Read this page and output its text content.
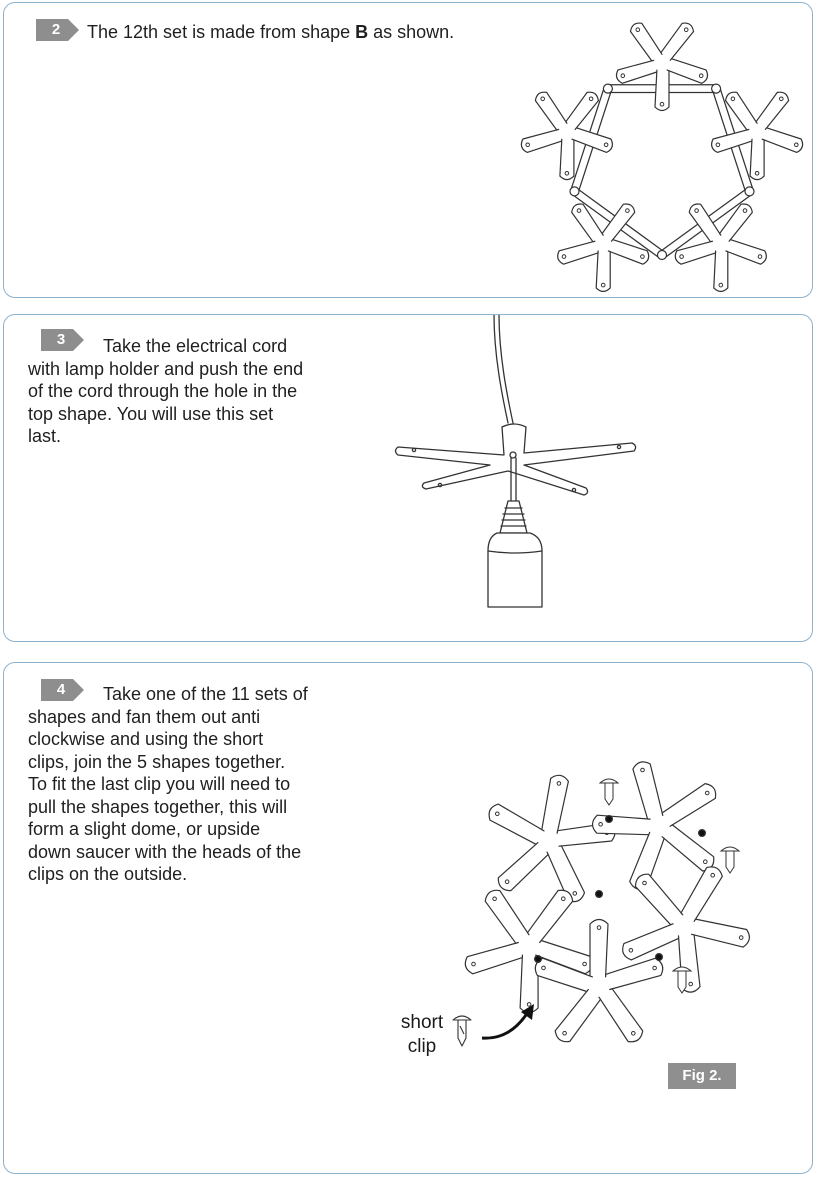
2	The 12th set is made from shape B as shown.
3	Take the electrical cord with lamp holder and push the end of the cord through the hole in the top shape. You will use this set last.
4	Take one of the 11 sets of shapes and fan them out anti clockwise and using the short clips, join the 5 shapes together. To fit the last clip you will need to pull the shapes together, this will form a slight dome, or upside down saucer with the heads of the clips on the outside.
short
clip
Fig 2.
